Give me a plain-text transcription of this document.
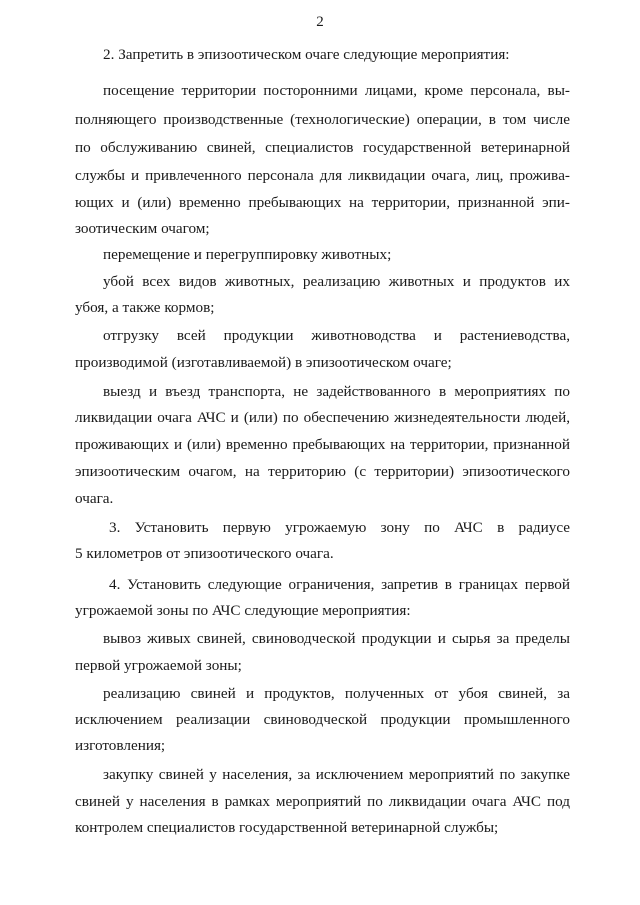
2
2. Запретить в эпизоотическом очаге следующие мероприятия:
посещение территории посторонними лицами, кроме персонала, вы-
полняющего производственные (технологические) операции, в том числе
по обслуживанию свиней, специалистов государственной ветеринарной
службы и привлеченного персонала для ликвидации очага, лиц, проживa-
ющих и (или) временно пребывающих на территории, признанной эпи-
зоотическим очагом;
перемещение и перегруппировку животных;
убой всех видов животных, реализацию животных и продуктов их
убоя, а также кормов;
отгрузку всей продукции животноводства и растениеводства,
производимой (изготавливаемой) в эпизоотическом очаге;
выезд и въезд транспорта, не задействованного в мероприятиях по
ликвидации очага АЧС и (или) по обеспечению жизнедеятельности людей,
проживающих и (или) временно пребывающих на территории, признанной
эпизоотическим очагом, на территорию (с территории) эпизоотического
очага.
3. Установить первую угрожаемую зону по АЧС в радиусе
5 километров от эпизоотического очага.
4. Установить следующие ограничения, запретив в границах первой
угрожаемой зоны по АЧС следующие мероприятия:
вывоз живых свиней, свиноводческой продукции и сырья за пределы
первой угрожаемой зоны;
реализацию свиней и продуктов, полученных от убоя свиней, за
исключением реализации свиноводческой продукции промышленного
изготовления;
закупку свиней у населения, за исключением мероприятий по закупке
свиней у населения в рамках мероприятий по ликвидации очага АЧС под
контролем специалистов государственной ветеринарной службы;
